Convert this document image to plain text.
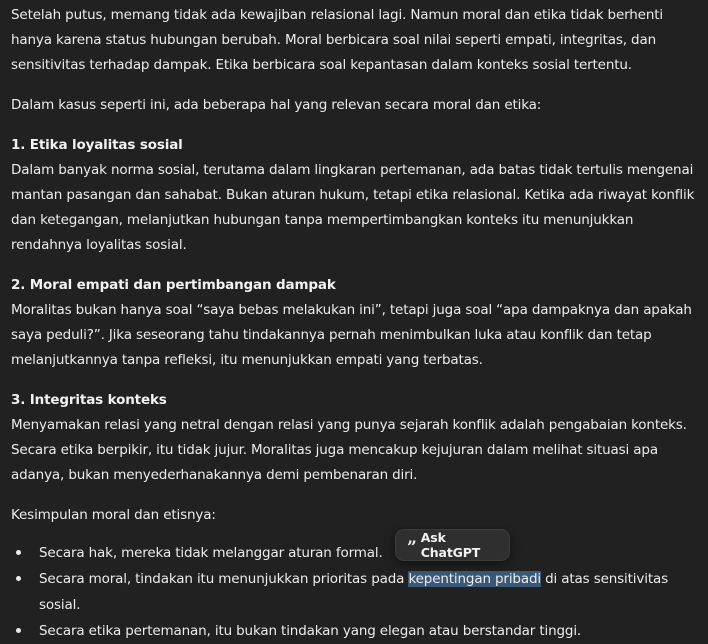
Setelah putus, memang tidak ada kewajiban relasional lagi. Namun moral dan etika tidak berhenti hanya karena status hubungan berubah. Moral berbicara soal nilai seperti empati, integritas, dan sensitivitas terhadap dampak. Etika berbicara soal kepantasan dalam konteks sosial tertentu.

Dalam kasus seperti ini, ada beberapa hal yang relevan secara moral dan etika:

1. Etika loyalitas sosial

Dalam banyak norma sosial, terutama dalam lingkaran pertemanan, ada batas tidak tertulis mengenai mantan pasangan dan sahabat. Bukan aturan hukum, tetapi etika relasional. Ketika ada riwayat konflik dan ketegangan, melanjutkan hubungan tanpa mempertimbangkan konteks itu menunjukkan rendahnya loyalitas sosial.

2. Moral empati dan pertimbangan dampak

Moralitas bukan hanya soal “saya bebas melakukan ini”, tetapi juga soal “apa dampaknya dan apakah saya peduli?”. Jika seseorang tahu tindakannya pernah menimbulkan luka atau konflik dan tetap melanjutkannya tanpa refleksi, itu menunjukkan empati yang terbatas.

3. Integritas konteks

Menyamakan relasi yang netral dengan relasi yang punya sejarah konflik adalah pengabaian konteks. Secara etika berpikir, itu tidak jujur. Moralitas juga mencakup kejujuran dalam melihat situasi apa adanya, bukan menyederhanakannya demi pembenaran diri.

Kesimpulan moral dan etisnya:

Secara hak, mereka tidak melanggar aturan formal.
Secara moral, tindakan itu menunjukkan prioritas pada kepentingan pribadi di atas sensitivitas sosial.
Secara etika pertemanan, itu bukan tindakan yang elegan atau berstandar tinggi.
” Ask ChatGPT
